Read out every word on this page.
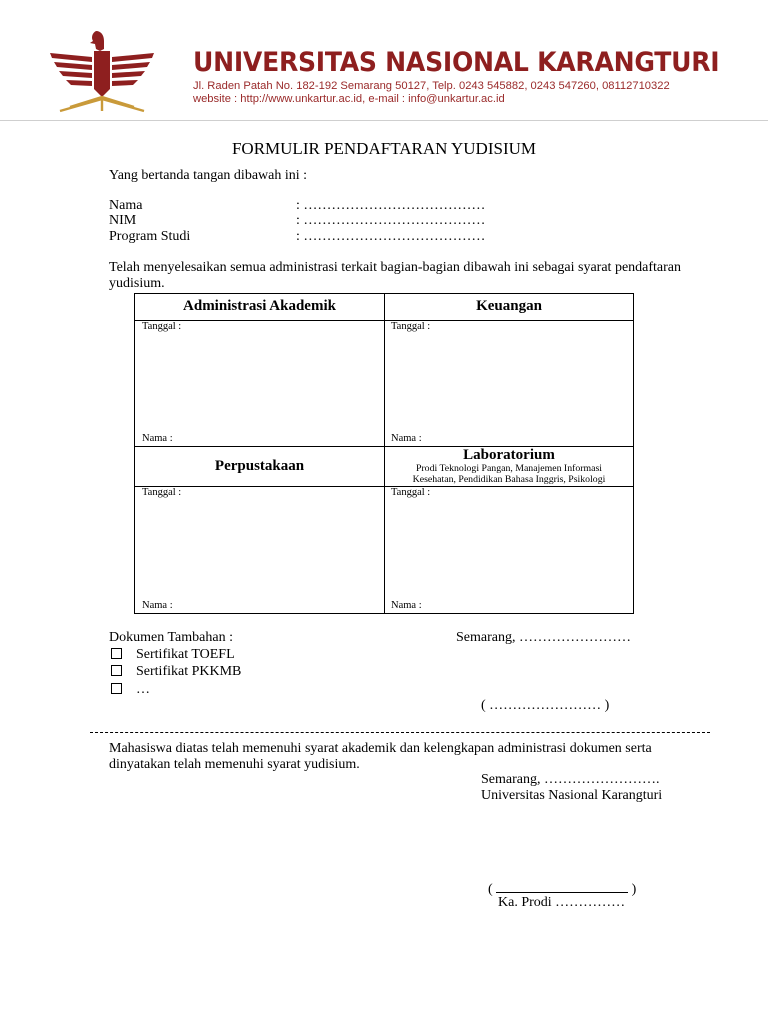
UNIVERSITAS NASIONAL KARANGTURI
Jl. Raden Patah No. 182-192 Semarang 50127, Telp. 0243 545882, 0243 547260, 08112710322
website : http://www.unkartur.ac.id, e-mail : info@unkartur.ac.id
FORMULIR PENDAFTARAN YUDISIUM
Yang bertanda tangan dibawah ini :
Nama	: …………………………………
NIM	: …………………………………
Program Studi	: …………………………………
Telah menyelesaikan semua administrasi terkait bagian-bagian dibawah ini sebagai syarat pendaftaran
yudisium.
Administrasi Akademik	Keuangan
Tanggal :
Nama :
Tanggal :
Nama :
Perpustakaan
Laboratorium
Prodi Teknologi Pangan, Manajemen Informasi
Kesehatan, Pendidikan Bahasa Inggris, Psikologi
Tanggal :
Nama :
Tanggal :
Nama :
Dokumen Tambahan :
Sertifikat TOEFL
Sertifikat PKKMB
…
Semarang, ……………………
( …………………… )
Mahasiswa diatas telah memenuhi syarat akademik dan kelengkapan administrasi dokumen serta
dinyatakan telah memenuhi syarat yudisium.
Semarang, …………………….
Universitas Nasional Karangturi
(	)
Ka. Prodi ……………
